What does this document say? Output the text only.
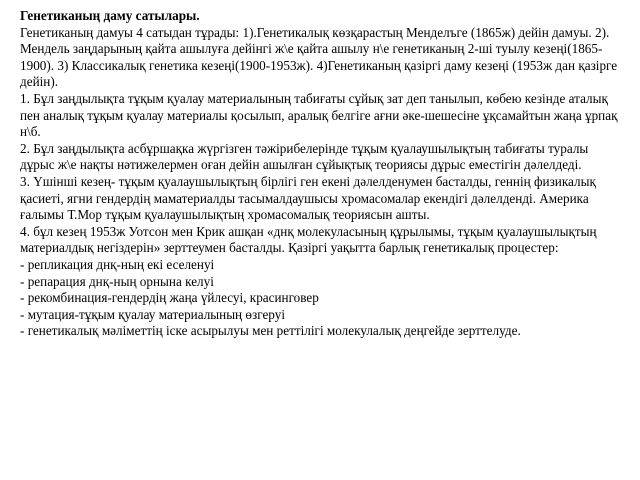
Генетиканың даму сатылары.

Генетиканың дамуы 4 сатыдан тұрады: 1).Генетикалық көзқарастың Менделъге (1865ж) дейін дамуы. 2). Мендель заңдарының қайта ашылуға дейінгі ж\е қайта ашылу н\е генетиканың 2-ші туылу кезеңі(1865-1900). 3) Классикалық генетика кезеңі(1900-1953ж). 4)Генетиканың қазіргі даму кезеңі (1953ж дан қазірге дейін).

1. Бұл заңдылықта тұқым қуалау материалының табиғаты сұйық зат деп танылып, көбею кезінде аталық пен аналық тұқым қуалау материалы қосылып, аралық белгіге ағни әке-шешесіне ұқсамайтын жаңа ұрпақ н\б.

2. Бұл заңдылықта асбұршақка жүргізген тәжірибелерінде тұқым қуалаушылықтың табиғаты туралы дұрыс ж\е нақты нәтижелермен оған дейін ашылған сұйықтық теориясы дұрыс еместігін дәлелдеді.

3. Үшінші кезең- тұқым қуалаушылықтың бірлігі ген екені дәлелденумен басталды, геннің физикалық қасиеті, ягни гендердің маматериалды тасымалдаушысы хромасомалар екендігі дәлелденді. Америка ғалымы Т.Мор тұқым қуалаушылықтың хромасомалық теориясын ашты.

4. бұл кезең 1953ж Уотсон мен Крик ашқан «днқ молекуласының құрылымы, тұқым қуалаушылықтың материалдық негіздерін» зерттеумен басталды. Қазіргі уақытта барлық генетикалық процестер:

- репликация днқ-ның екі еселенуі

- репарация днқ-ның орнына келуі

- рекомбинация-гендердің жаңа үйлесуі, красинговер

- мутация-тұқым қуалау материалының өзгеруі

- генетикалық мәліметтің іске асырылуы мен реттілігі молекулалық деңгейде зерттелуде.
